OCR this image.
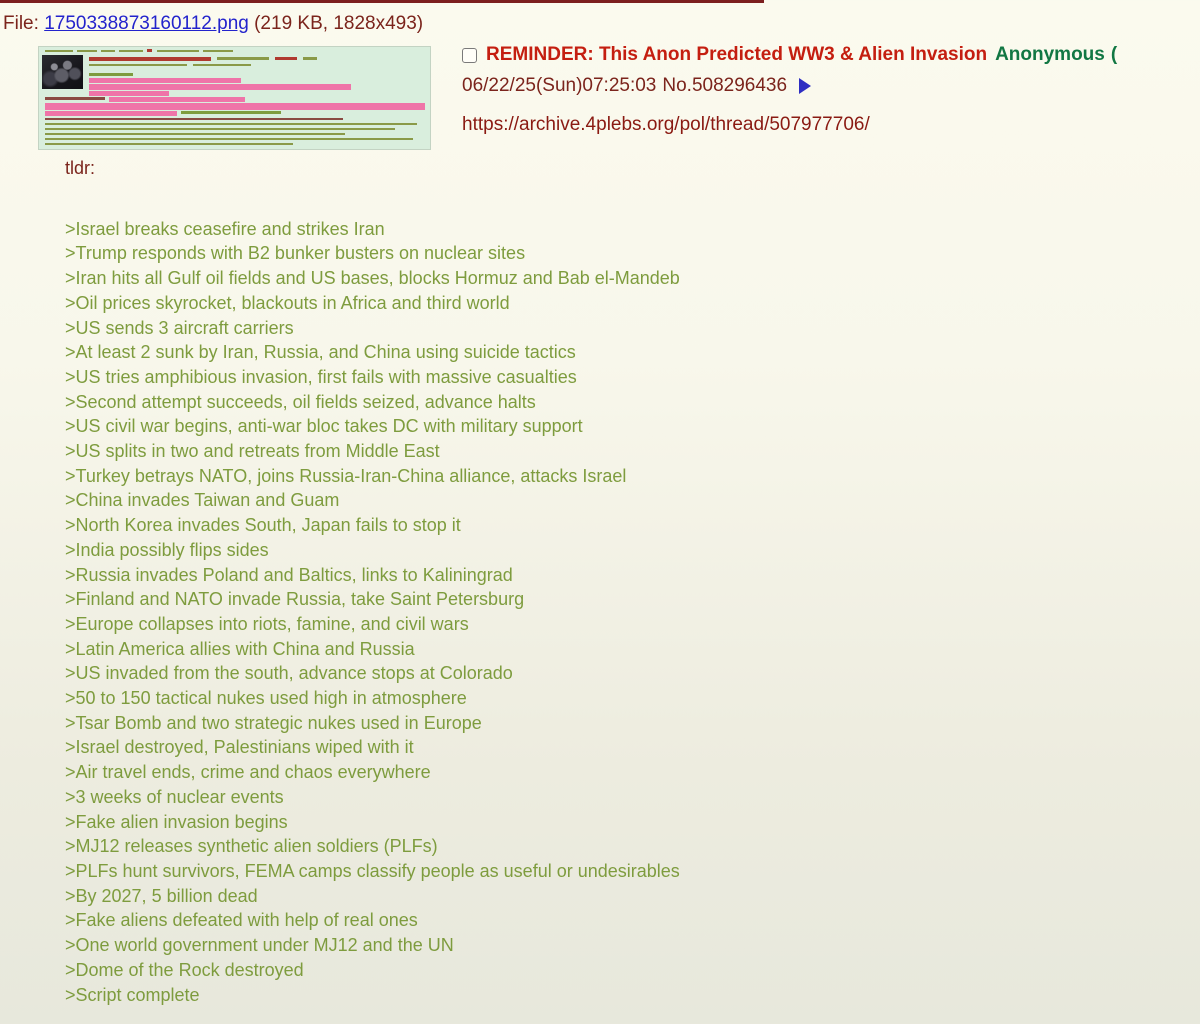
File: 1750338873160112.png (219 KB, 1828x493)
REMINDER: This Anon Predicted WW3 & Alien Invasion Anonymous (
06/22/25(Sun)07:25:03 No.508296436
https://archive.4plebs.org/pol/thread/507977706/
tldr:
>Israel breaks ceasefire and strikes Iran
>Trump responds with B2 bunker busters on nuclear sites
>Iran hits all Gulf oil fields and US bases, blocks Hormuz and Bab el-Mandeb
>Oil prices skyrocket, blackouts in Africa and third world
>US sends 3 aircraft carriers
>At least 2 sunk by Iran, Russia, and China using suicide tactics
>US tries amphibious invasion, first fails with massive casualties
>Second attempt succeeds, oil fields seized, advance halts
>US civil war begins, anti-war bloc takes DC with military support
>US splits in two and retreats from Middle East
>Turkey betrays NATO, joins Russia-Iran-China alliance, attacks Israel
>China invades Taiwan and Guam
>North Korea invades South, Japan fails to stop it
>India possibly flips sides
>Russia invades Poland and Baltics, links to Kaliningrad
>Finland and NATO invade Russia, take Saint Petersburg
>Europe collapses into riots, famine, and civil wars
>Latin America allies with China and Russia
>US invaded from the south, advance stops at Colorado
>50 to 150 tactical nukes used high in atmosphere
>Tsar Bomb and two strategic nukes used in Europe
>Israel destroyed, Palestinians wiped with it
>Air travel ends, crime and chaos everywhere
>3 weeks of nuclear events
>Fake alien invasion begins
>MJ12 releases synthetic alien soldiers (PLFs)
>PLFs hunt survivors, FEMA camps classify people as useful or undesirables
>By 2027, 5 billion dead
>Fake aliens defeated with help of real ones
>One world government under MJ12 and the UN
>Dome of the Rock destroyed
>Script complete
